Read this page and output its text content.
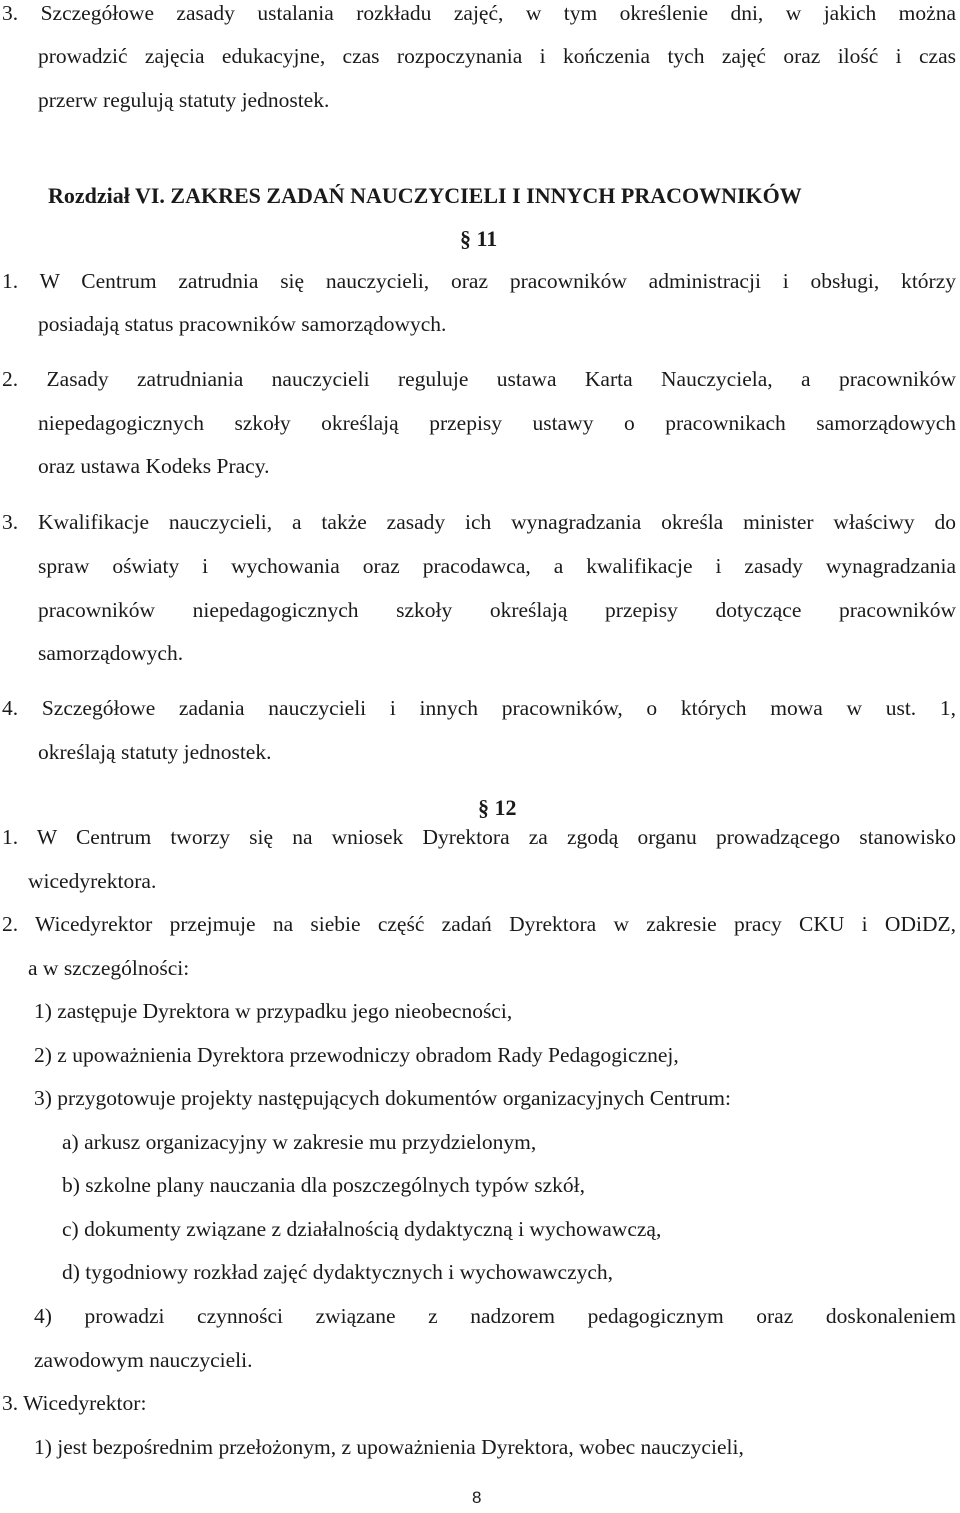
3. Szczegółowe zasady ustalania rozkładu zajęć, w tym określenie dni, w jakich można
prowadzić zajęcia edukacyjne, czas rozpoczynania i kończenia tych zajęć oraz ilość i czas
przerw regulują statuty jednostek.
Rozdział VI. ZAKRES ZADAŃ NAUCZYCIELI I INNYCH PRACOWNIKÓW
§ 11
1. W Centrum zatrudnia się nauczycieli, oraz pracowników administracji i obsługi, którzy
posiadają status pracowników samorządowych.
2. Zasady zatrudniania nauczycieli reguluje ustawa Karta Nauczyciela, a pracowników
niepedagogicznych szkoły określają przepisy ustawy o pracownikach samorządowych
oraz ustawa Kodeks Pracy.
3. Kwalifikacje nauczycieli, a także zasady ich wynagradzania określa minister właściwy do
spraw oświaty i wychowania oraz pracodawca, a kwalifikacje i zasady wynagradzania
pracowników niepedagogicznych szkoły określają przepisy dotyczące pracowników
samorządowych.
4. Szczegółowe zadania nauczycieli i innych pracowników, o których mowa w ust. 1,
określają statuty jednostek.
§ 12
1. W Centrum tworzy się na wniosek Dyrektora za zgodą organu prowadzącego stanowisko
wicedyrektora.
2. Wicedyrektor przejmuje na siebie część zadań Dyrektora w zakresie pracy CKU i ODiDZ,
a w szczególności:
1) zastępuje Dyrektora w przypadku jego nieobecności,
2) z upoważnienia Dyrektora przewodniczy obradom Rady Pedagogicznej,
3) przygotowuje projekty następujących dokumentów organizacyjnych Centrum:
a) arkusz organizacyjny w zakresie mu przydzielonym,
b) szkolne plany nauczania dla poszczególnych typów szkół,
c) dokumenty związane z działalnością dydaktyczną i wychowawczą,
d) tygodniowy rozkład zajęć dydaktycznych i wychowawczych,
4) prowadzi czynności związane z nadzorem pedagogicznym oraz doskonaleniem
zawodowym nauczycieli.
3. Wicedyrektor:
1) jest bezpośrednim przełożonym, z upoważnienia Dyrektora, wobec nauczycieli,
8
